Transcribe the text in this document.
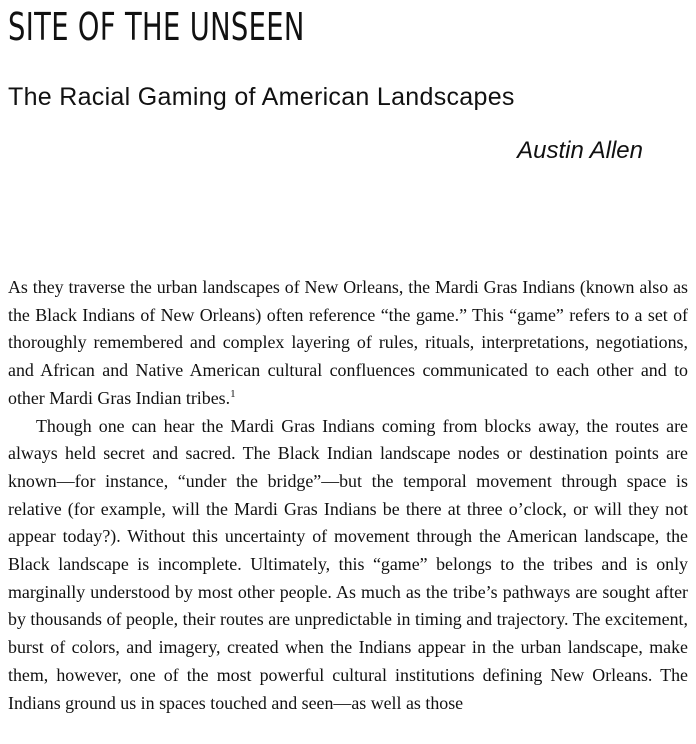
SITE OF THE UNSEEN
The Racial Gaming of American Landscapes

Austin Allen

As they traverse the urban landscapes of New Orleans, the Mardi Gras Indians (known also as the Black Indians of New Orleans) often reference “the game.” This “game” refers to a set of thoroughly remembered and complex layering of rules, rituals, interpretations, negotiations, and African and Native American cultural confluences communicated to each other and to other Mardi Gras Indian tribes.$^1$

Though one can hear the Mardi Gras Indians coming from blocks away, the routes are always held secret and sacred. The Black Indian landscape nodes or destination points are known—for instance, “under the bridge”—but the temporal movement through space is relative (for example, will the Mardi Gras Indians be there at three o’clock, or will they not appear today?). Without this uncertainty of movement through the American landscape, the Black landscape is incomplete. Ultimately, this “game” belongs to the tribes and is only marginally understood by most other people. As much as the tribe’s pathways are sought after by thousands of people, their routes are unpredictable in timing and trajectory. The excitement, burst of colors, and imagery, created when the Indians appear in the urban landscape, make them, however, one of the most powerful cultural institutions defining New Orleans. The Indians ground us in spaces touched and seen—as well as those
